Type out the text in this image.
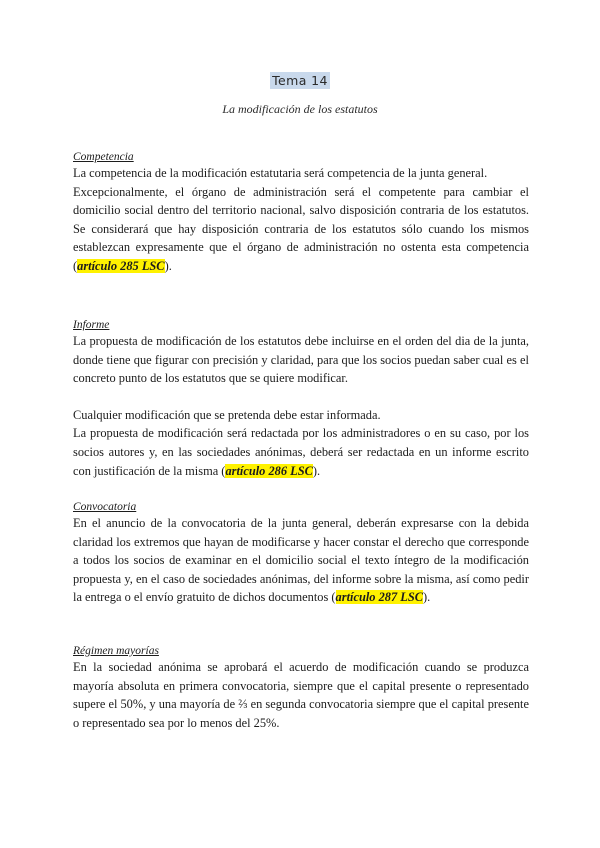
Tema 14
La modificación de los estatutos

Competencia

La competencia de la modificación estatutaria será competencia de la junta general.

Excepcionalmente, el órgano de administración será el competente para cambiar el domicilio social dentro del territorio nacional, salvo disposición contraria de los estatutos. Se considerará que hay disposición contraria de los estatutos sólo cuando los mismos establezcan expresamente que el órgano de administración no ostenta esta competencia (artículo 285 LSC).

Informe

La propuesta de modificación de los estatutos debe incluirse en el orden del dia de la junta, donde tiene que figurar con precisión y claridad, para que los socios puedan saber cual es el concreto punto de los estatutos que se quiere modificar.

Cualquier modificación que se pretenda debe estar informada.

La propuesta de modificación será redactada por los administradores o en su caso, por los socios autores y, en las sociedades anónimas, deberá ser redactada en un informe escrito con justificación de la misma (artículo 286 LSC).

Convocatoria

En el anuncio de la convocatoria de la junta general, deberán expresarse con la debida claridad los extremos que hayan de modificarse y hacer constar el derecho que corresponde a todos los socios de examinar en el domicilio social el texto íntegro de la modificación propuesta y, en el caso de sociedades anónimas, del informe sobre la misma, así como pedir la entrega o el envío gratuito de dichos documentos (artículo 287 LSC).

Régimen mayorías

En la sociedad anónima se aprobará el acuerdo de modificación cuando se produzca mayoría absoluta en primera convocatoria, siempre que el capital presente o representado supere el 50%, y una mayoría de ⅔ en segunda convocatoria siempre que el capital presente o representado sea por lo menos del 25%.
